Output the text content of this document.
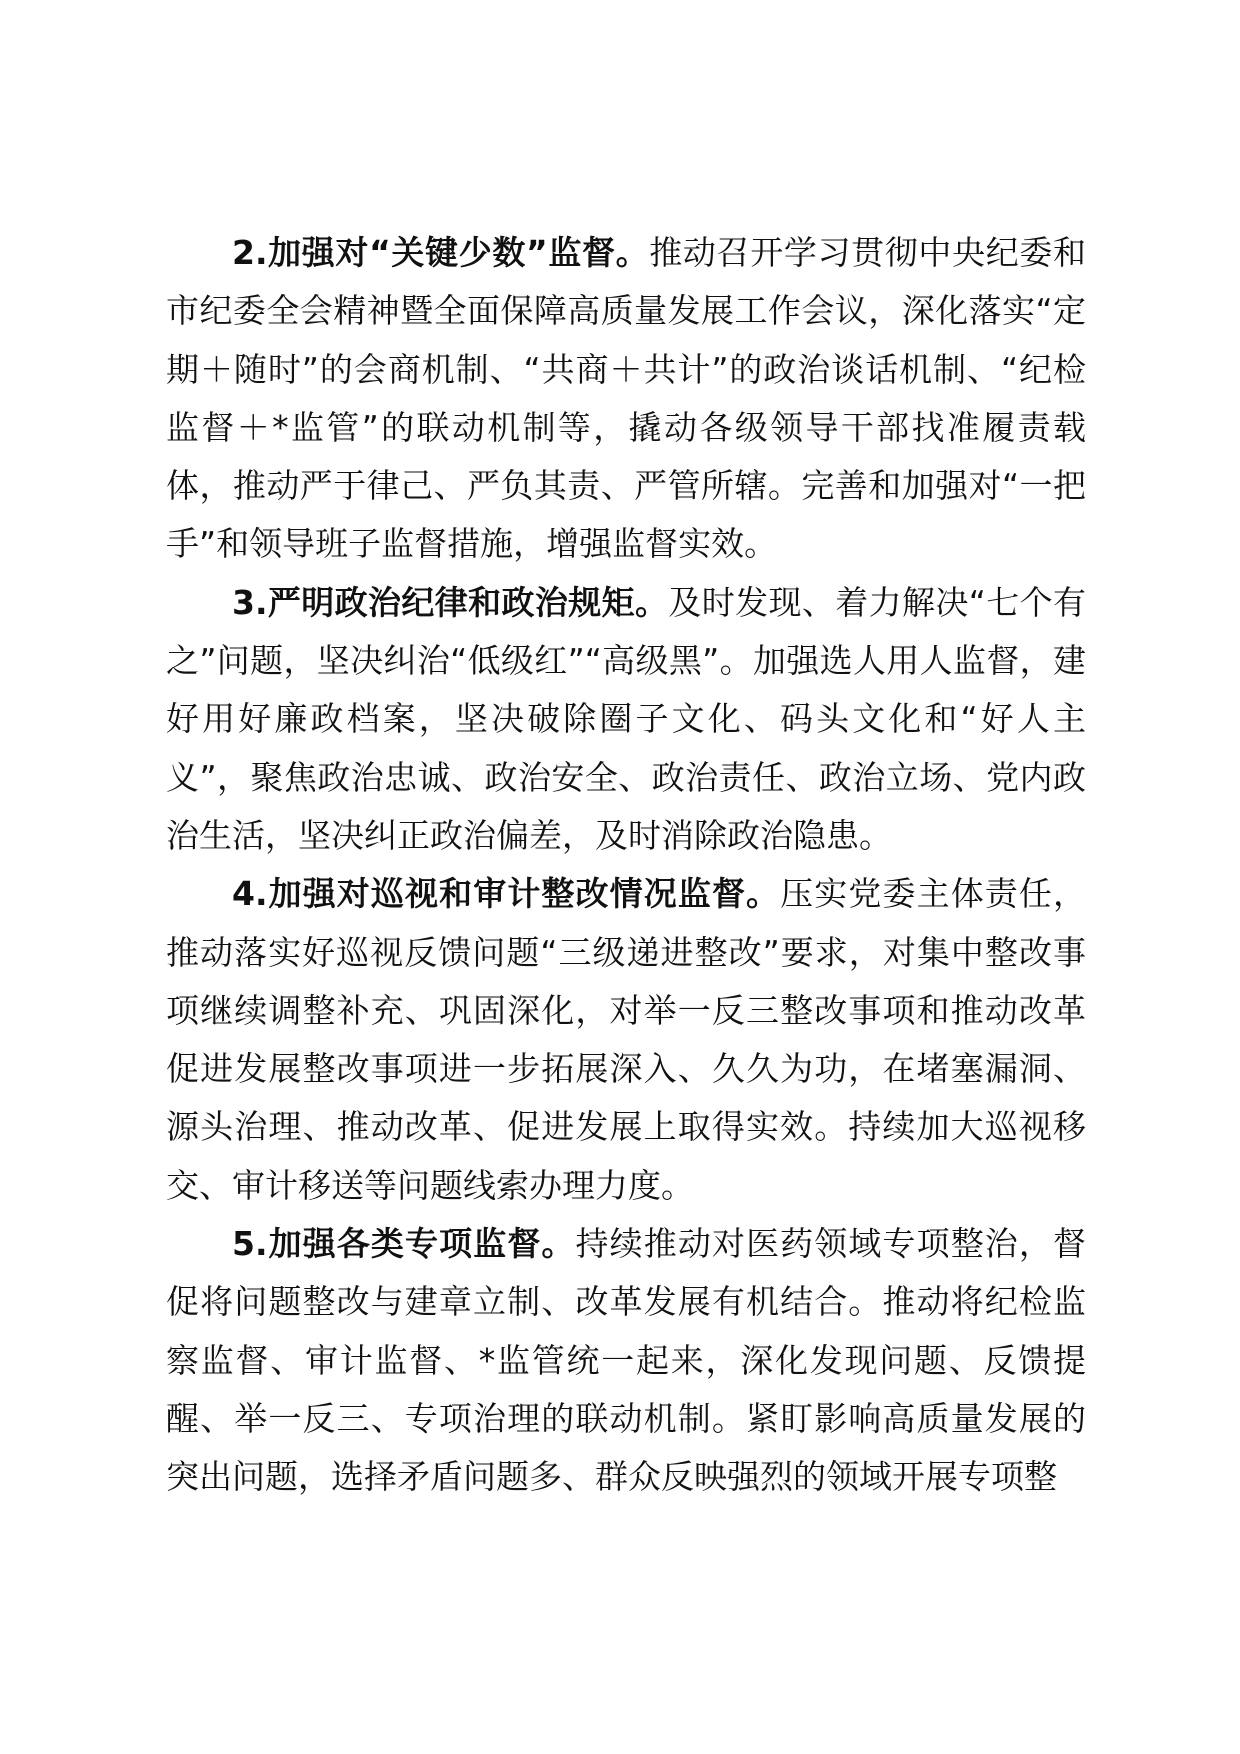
2.加强对“关键少数”监督。推动召开学习贯彻中央纪委和市纪委全会精神暨全面保障高质量发展工作会议，深化落实“定期＋随时”的会商机制、“共商＋共计”的政治谈话机制、“纪检监督＋*监管”的联动机制等，撬动各级领导干部找准履责载体，推动严于律己、严负其责、严管所辖。完善和加强对“一把手”和领导班子监督措施，增强监督实效。

3.严明政治纪律和政治规矩。及时发现、着力解决“七个有之”问题，坚决纠治“低级红”“高级黑”。加强选人用人监督，建好用好廉政档案，坚决破除圈子文化、码头文化和“好人主义”，聚焦政治忠诚、政治安全、政治责任、政治立场、党内政治生活，坚决纠正政治偏差，及时消除政治隐患。

4.加强对巡视和审计整改情况监督。压实党委主体责任，推动落实好巡视反馈问题“三级递进整改”要求，对集中整改事项继续调整补充、巩固深化，对举一反三整改事项和推动改革促进发展整改事项进一步拓展深入、久久为功，在堵塞漏洞、源头治理、推动改革、促进发展上取得实效。持续加大巡视移交、审计移送等问题线索办理力度。

5.加强各类专项监督。持续推动对医药领域专项整治，督促将问题整改与建章立制、改革发展有机结合。推动将纪检监察监督、审计监督、*监管统一起来，深化发现问题、反馈提醒、举一反三、专项治理的联动机制。紧盯影响高质量发展的突出问题，选择矛盾问题多、群众反映强烈的领域开展专项整
